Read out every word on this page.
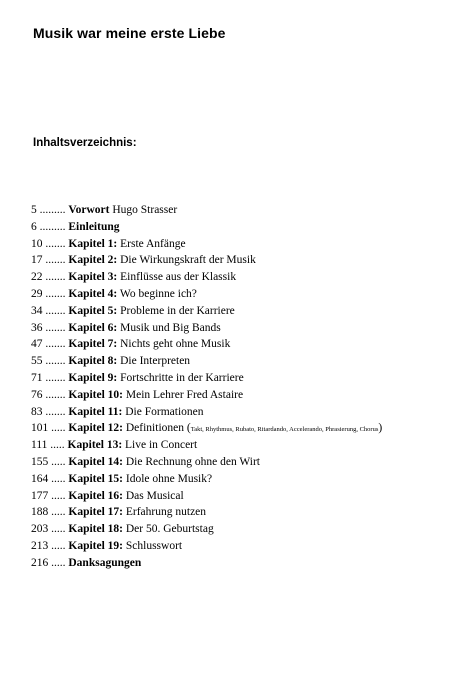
Musik war meine erste Liebe
Inhaltsverzeichnis:
5 ......... Vorwort Hugo Strasser
6 ......... Einleitung
10 ....... Kapitel 1: Erste Anfänge
17 ....... Kapitel 2: Die Wirkungskraft der Musik
22 ....... Kapitel 3: Einflüsse aus der Klassik
29 ....... Kapitel 4: Wo beginne ich?
34 ....... Kapitel 5: Probleme in der Karriere
36 ....... Kapitel 6: Musik und Big Bands
47 ....... Kapitel 7: Nichts geht ohne Musik
55 ....... Kapitel 8: Die Interpreten
71 ....... Kapitel 9: Fortschritte in der Karriere
76 ....... Kapitel 10: Mein Lehrer Fred Astaire
83 ....... Kapitel 11: Die Formationen
101 ..... Kapitel 12: Definitionen (Takt, Rhythmus, Rubato, Ritardando, Accelerando, Phrasierung, Chorus)
111 ..... Kapitel 13: Live in Concert
155 ..... Kapitel 14: Die Rechnung ohne den Wirt
164 ..... Kapitel 15: Idole ohne Musik?
177 ..... Kapitel 16: Das Musical
188 ..... Kapitel 17: Erfahrung nutzen
203 ..... Kapitel 18: Der 50. Geburtstag
213 ..... Kapitel 19: Schlusswort
216 ..... Danksagungen
